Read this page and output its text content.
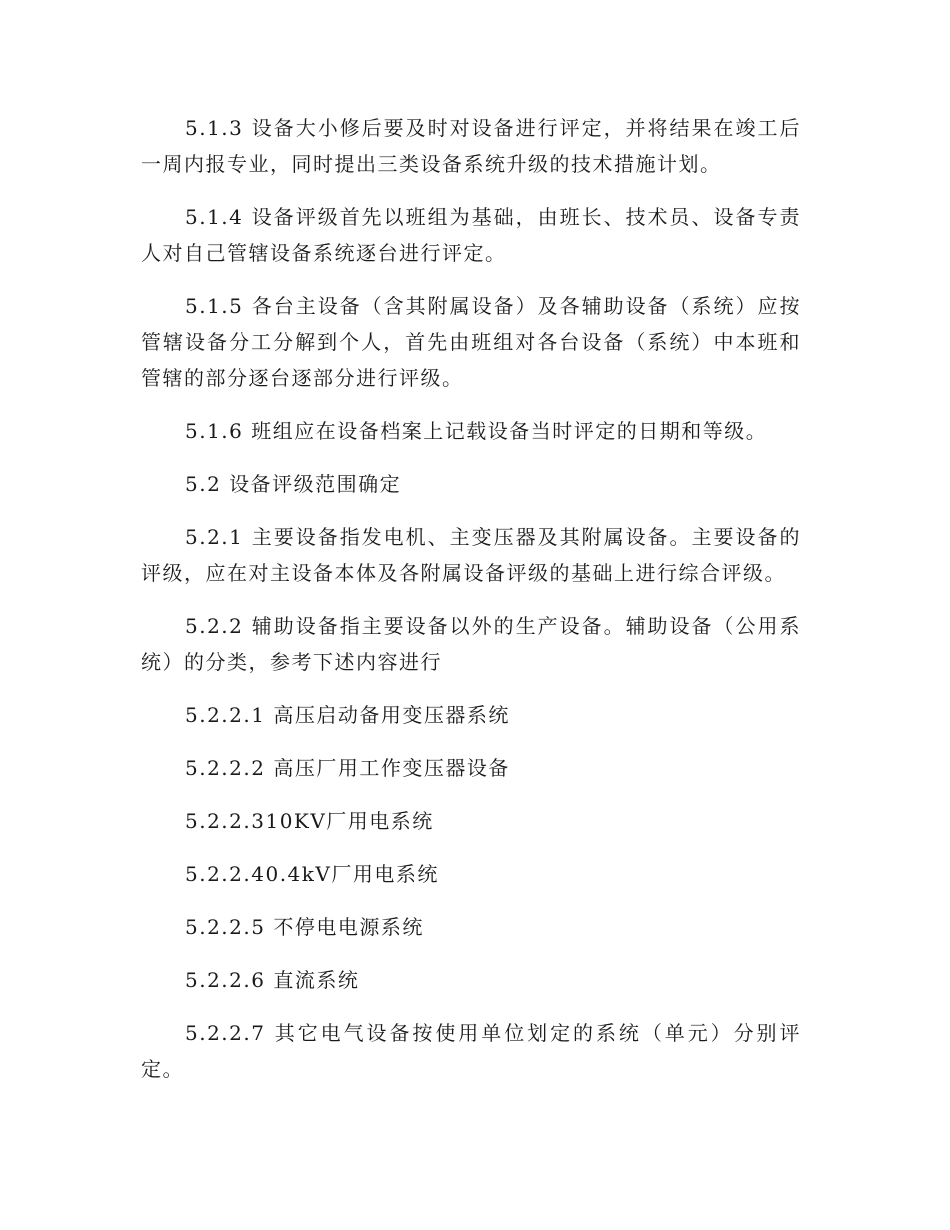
5.1.3 设备大小修后要及时对设备进行评定，并将结果在竣工后一周内报专业，同时提出三类设备系统升级的技术措施计划。

5.1.4 设备评级首先以班组为基础，由班长、技术员、设备专责人对自己管辖设备系统逐台进行评定。

5.1.5 各台主设备（含其附属设备）及各辅助设备（系统）应按管辖设备分工分解到个人，首先由班组对各台设备（系统）中本班和管辖的部分逐台逐部分进行评级。

5.1.6 班组应在设备档案上记载设备当时评定的日期和等级。

5.2 设备评级范围确定

5.2.1 主要设备指发电机、主变压器及其附属设备。主要设备的评级，应在对主设备本体及各附属设备评级的基础上进行综合评级。

5.2.2 辅助设备指主要设备以外的生产设备。辅助设备（公用系统）的分类，参考下述内容进行

5.2.2.1 高压启动备用变压器系统

5.2.2.2 高压厂用工作变压器设备

5.2.2.310KV厂用电系统

5.2.2.40.4kV厂用电系统

5.2.2.5 不停电电源系统

5.2.2.6 直流系统

5.2.2.7 其它电气设备按使用单位划定的系统（单元）分别评定。
